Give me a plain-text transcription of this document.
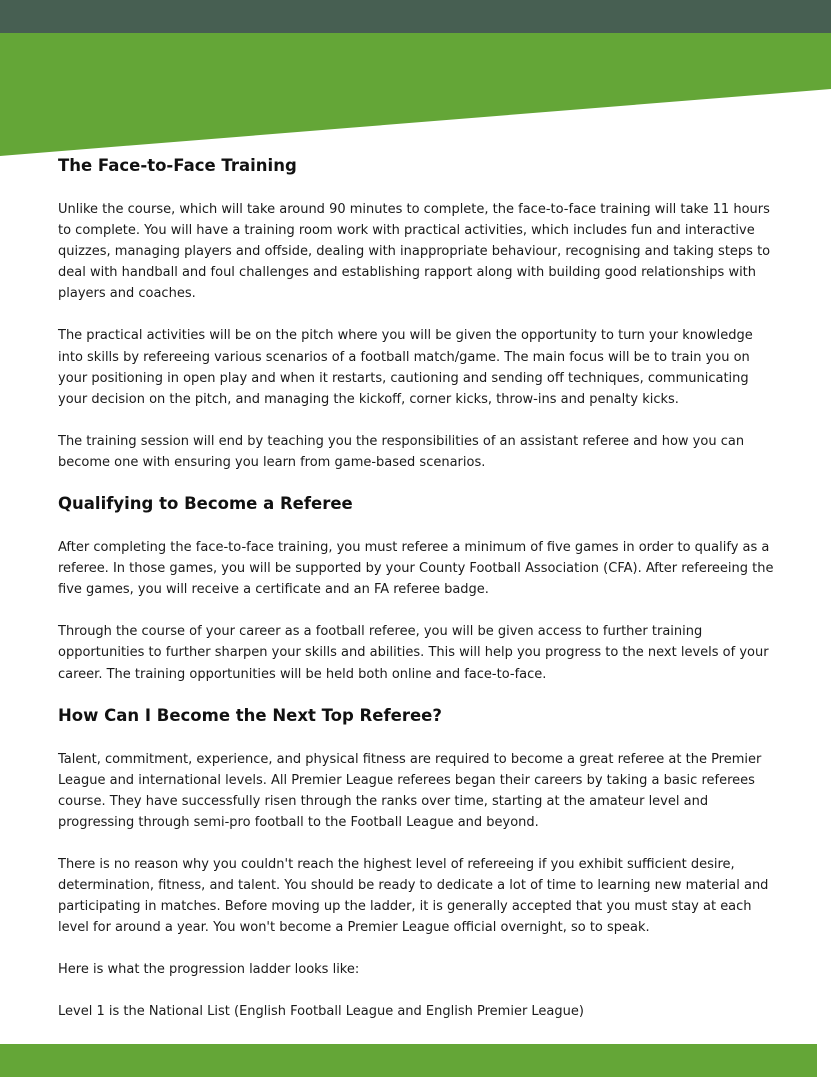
The Face-to-Face Training

Unlike the course, which will take around 90 minutes to complete, the face-to-face training will take 11 hours to complete. You will have a training room work with practical activities, which includes fun and interactive quizzes, managing players and offside, dealing with inappropriate behaviour, recognising and taking steps to deal with handball and foul challenges and establishing rapport along with building good relationships with players and coaches.

The practical activities will be on the pitch where you will be given the opportunity to turn your knowledge into skills by refereeing various scenarios of a football match/game. The main focus will be to train you on your positioning in open play and when it restarts, cautioning and sending off techniques, communicating your decision on the pitch, and managing the kickoff, corner kicks, throw-ins and penalty kicks.

The training session will end by teaching you the responsibilities of an assistant referee and how you can become one with ensuring you learn from game-based scenarios.

Qualifying to Become a Referee

After completing the face-to-face training, you must referee a minimum of five games in order to qualify as a referee. In those games, you will be supported by your County Football Association (CFA). After refereeing the five games, you will receive a certificate and an FA referee badge.

Through the course of your career as a football referee, you will be given access to further training opportunities to further sharpen your skills and abilities. This will help you progress to the next levels of your career. The training opportunities will be held both online and face-to-face.

How Can I Become the Next Top Referee?

Talent, commitment, experience, and physical fitness are required to become a great referee at the Premier League and international levels. All Premier League referees began their careers by taking a basic referees course. They have successfully risen through the ranks over time, starting at the amateur level and progressing through semi-pro football to the Football League and beyond.

There is no reason why you couldn't reach the highest level of refereeing if you exhibit sufficient desire, determination, fitness, and talent. You should be ready to dedicate a lot of time to learning new material and participating in matches. Before moving up the ladder, it is generally accepted that you must stay at each level for around a year. You won't become a Premier League official overnight, so to speak.

Here is what the progression ladder looks like:

Level 1 is the National List (English Football League and English Premier League)
